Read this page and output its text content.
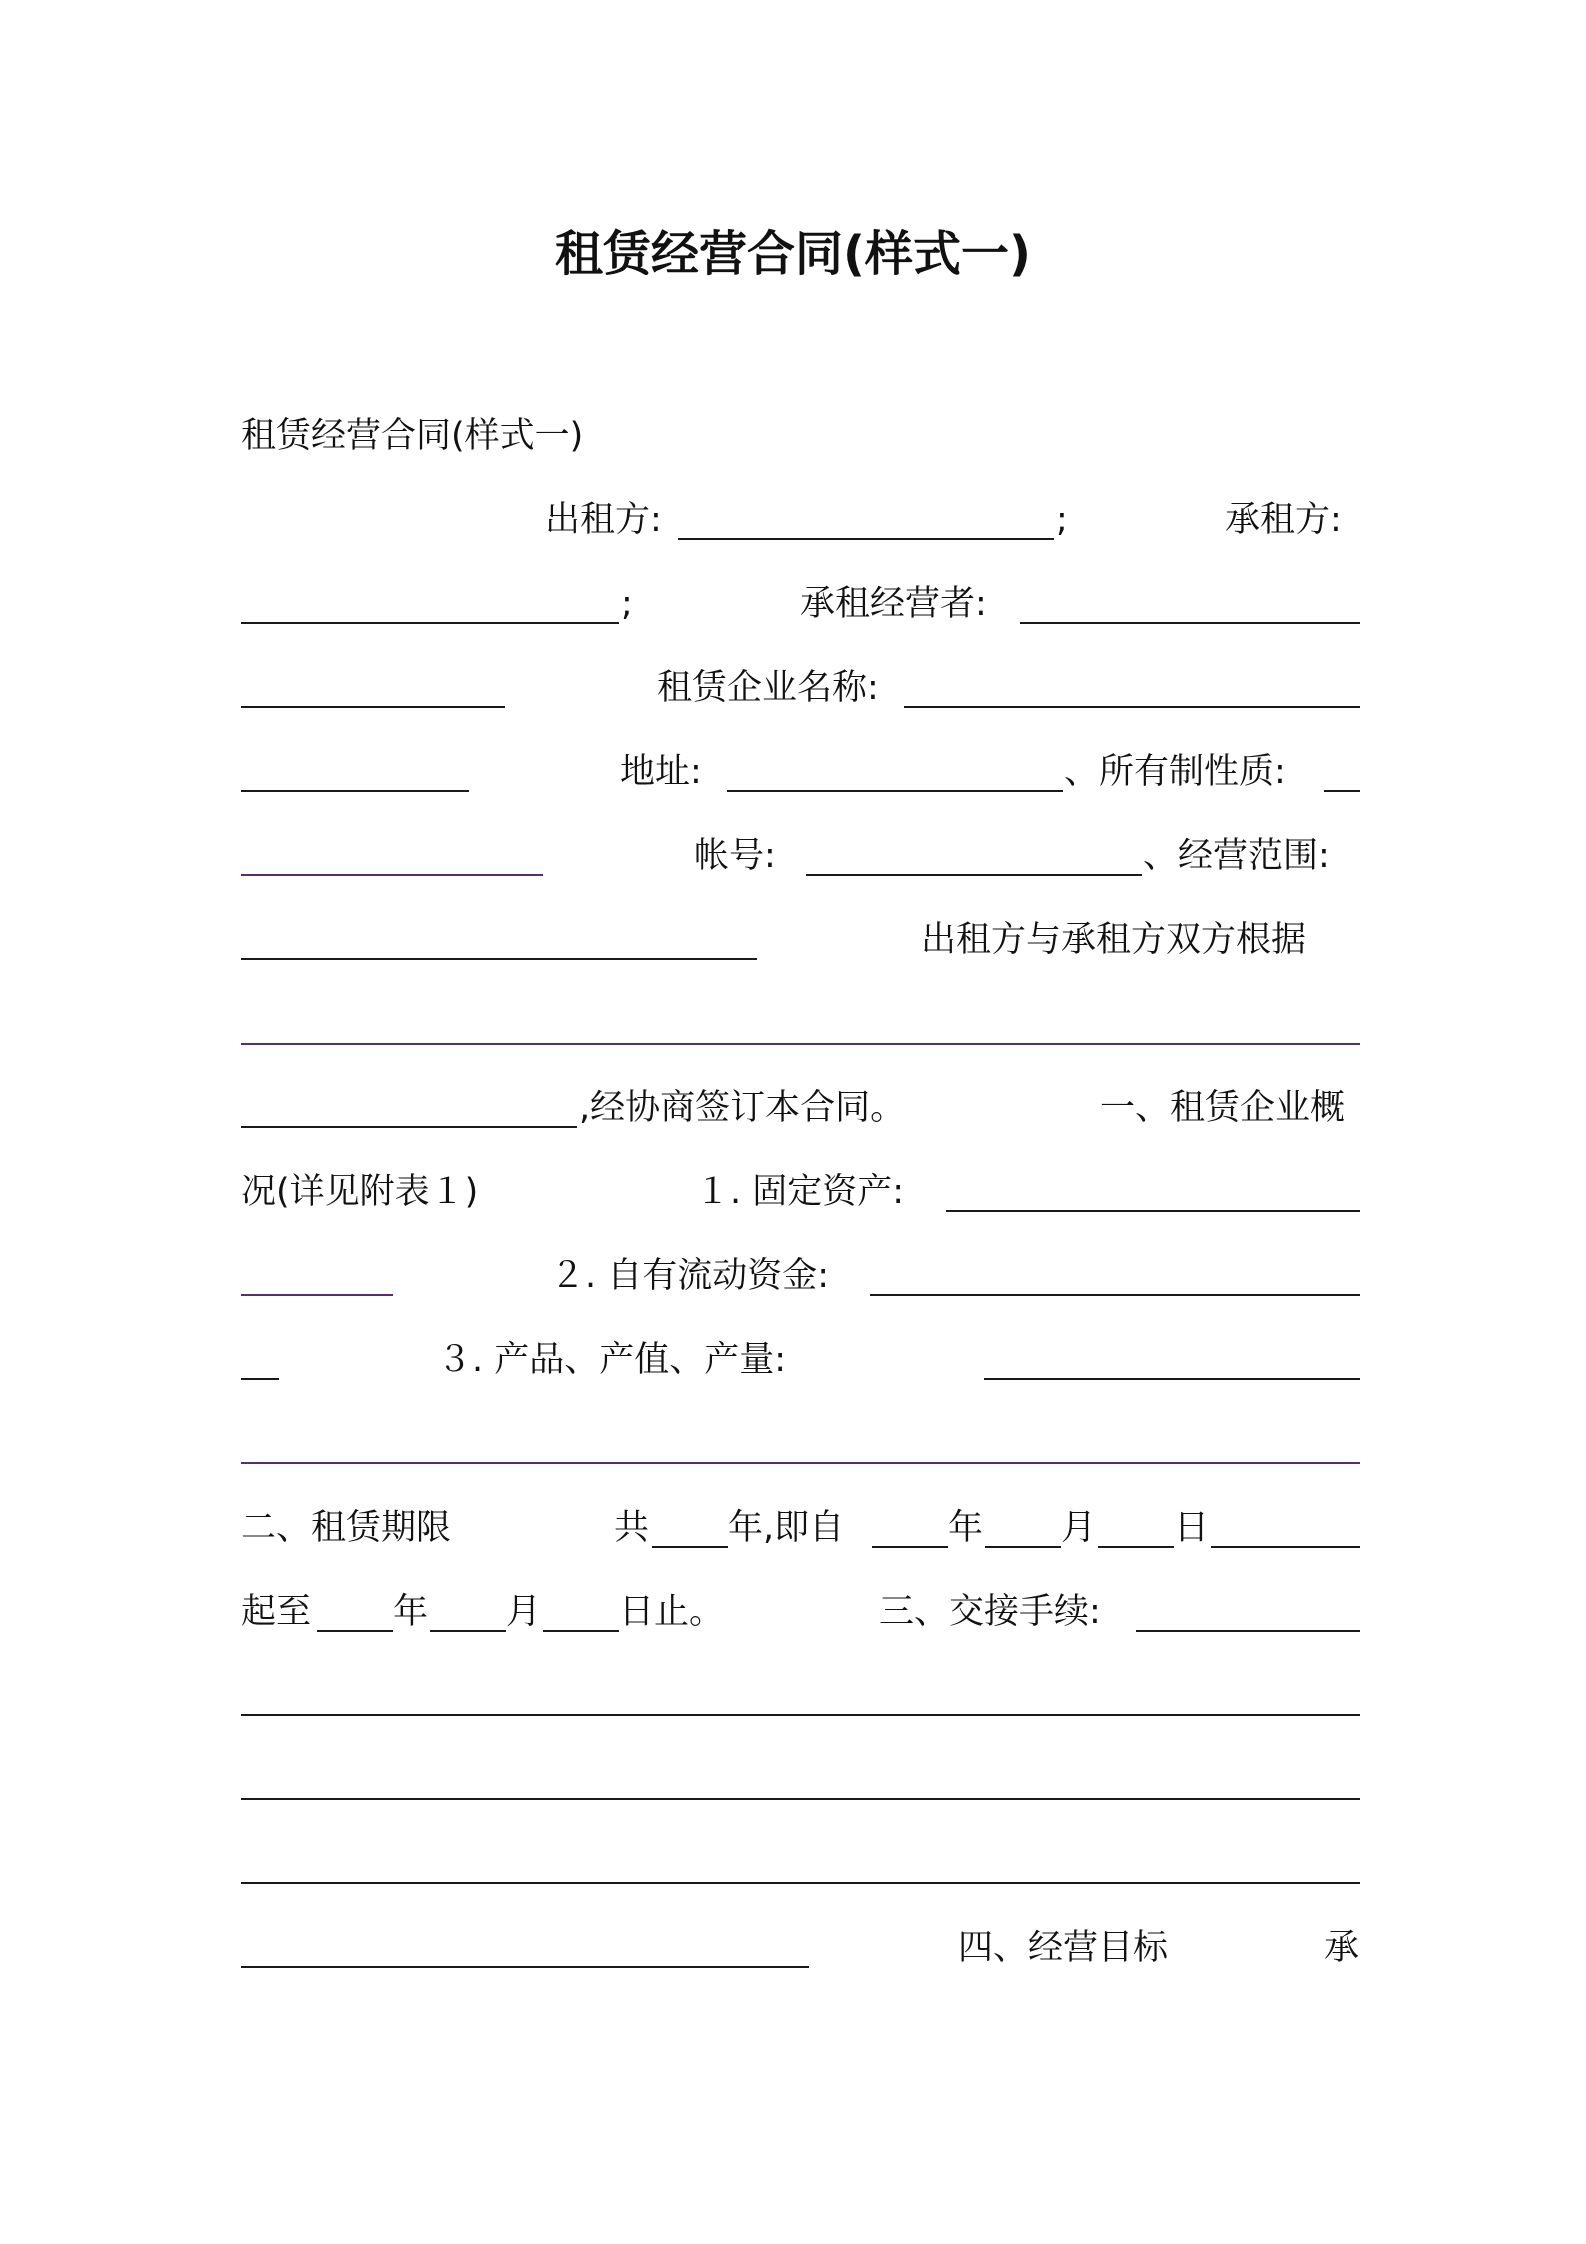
租赁经营合同(样式一)
租赁经营合同(样式一)
出租方:	;	承租方:
;	承租经营者:
租赁企业名称:
地址:	、所有制性质:
帐号:	、经营范围:
出租方与承租方双方根据
,经协商签订本合同。	一、租赁企业概
况(详见附表１)	１. 固定资产:
２. 自有流动资金:
３. 产品、产值、产量:
二、租赁期限	共 年,即自	年 月 日
起至 年 月 日止。	三、交接手续:
四、经营目标	承
